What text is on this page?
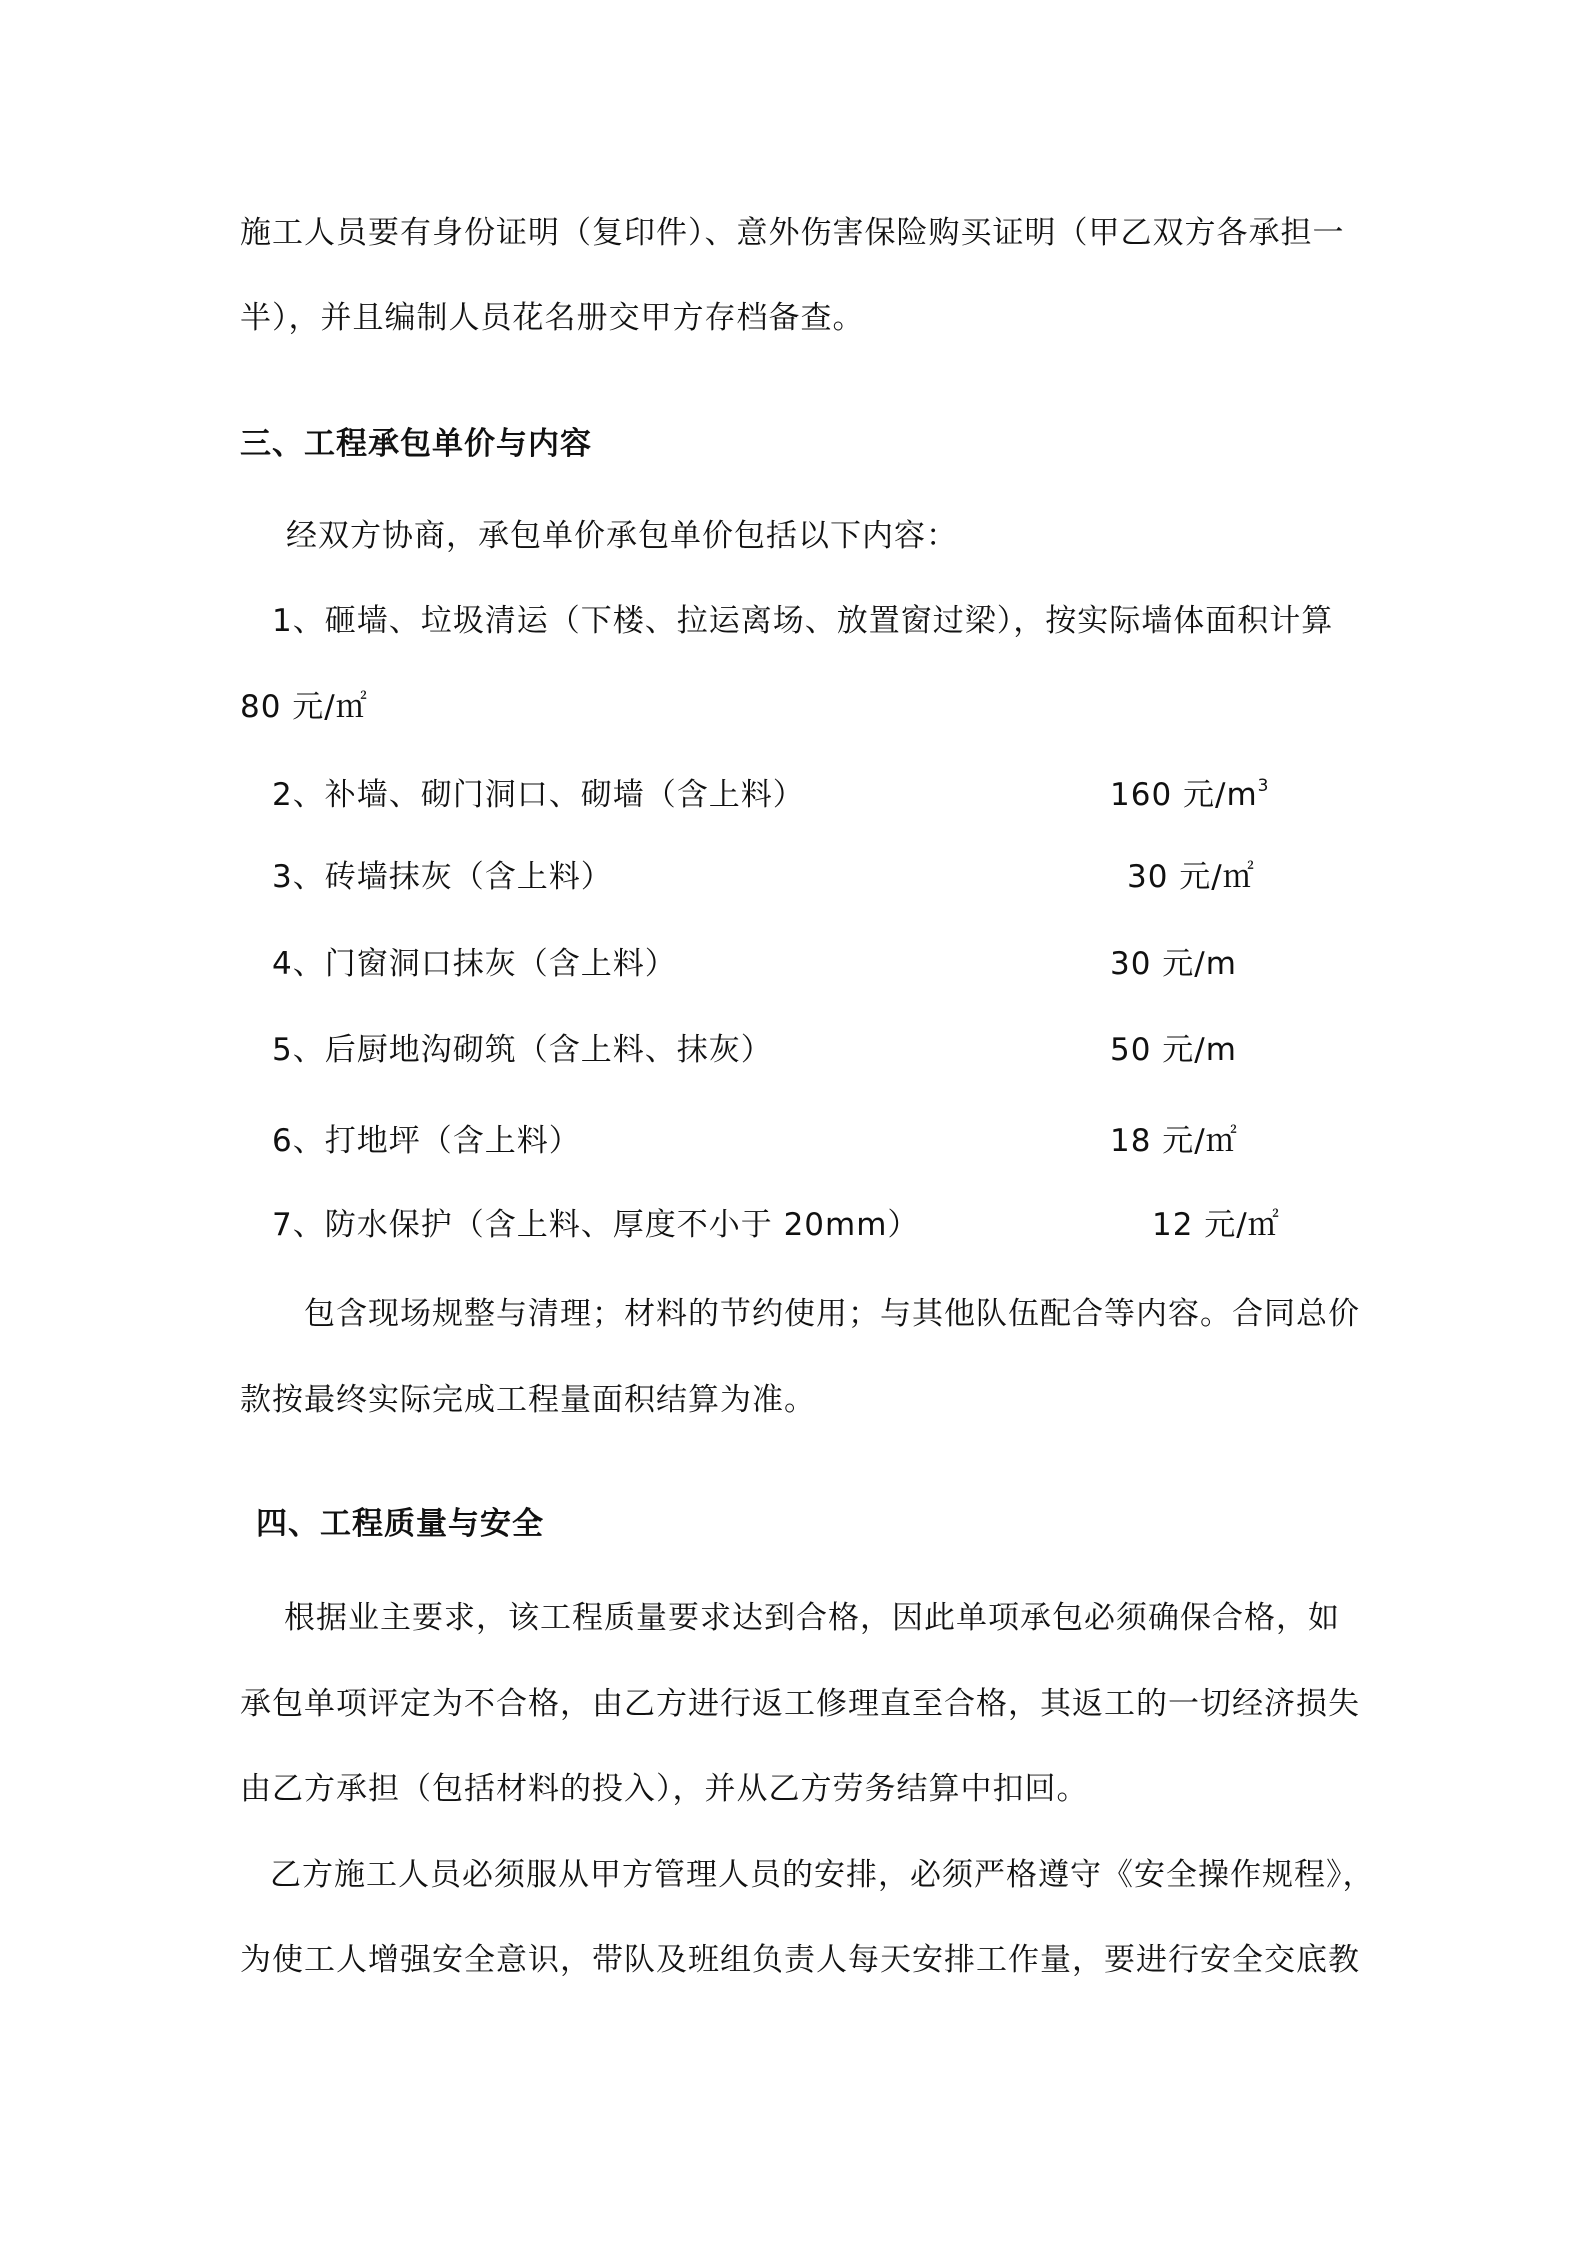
施工人员要有身份证明（复印件）、意外伤害保险购买证明（甲乙双方各承担一
半），并且编制人员花名册交甲方存档备查。
三、工程承包单价与内容
经双方协商，承包单价承包单价包括以下内容：
1、砸墙、垃圾清运（下楼、拉运离场、放置窗过梁），按实际墙体面积计算
80 元/㎡
2、补墙、砌门洞口、砌墙（含上料）	160 元$/m^3$
3、砖墙抹灰（含上料）	30 元/㎡
4、门窗洞口抹灰（含上料）	30 元/m
5、后厨地沟砌筑（含上料、抹灰）	50 元/m
6、打地坪（含上料）	18 元/㎡
7、防水保护（含上料、厚度不小于 20mm）	12 元/㎡
包含现场规整与清理；材料的节约使用；与其他队伍配合等内容。合同总价
款按最终实际完成工程量面积结算为准。
四、工程质量与安全
根据业主要求，该工程质量要求达到合格，因此单项承包必须确保合格，如
承包单项评定为不合格，由乙方进行返工修理直至合格，其返工的一切经济损失
由乙方承担（包括材料的投入），并从乙方劳务结算中扣回。
乙方施工人员必须服从甲方管理人员的安排，必须严格遵守《安全操作规程》，
为使工人增强安全意识，带队及班组负责人每天安排工作量，要进行安全交底教
